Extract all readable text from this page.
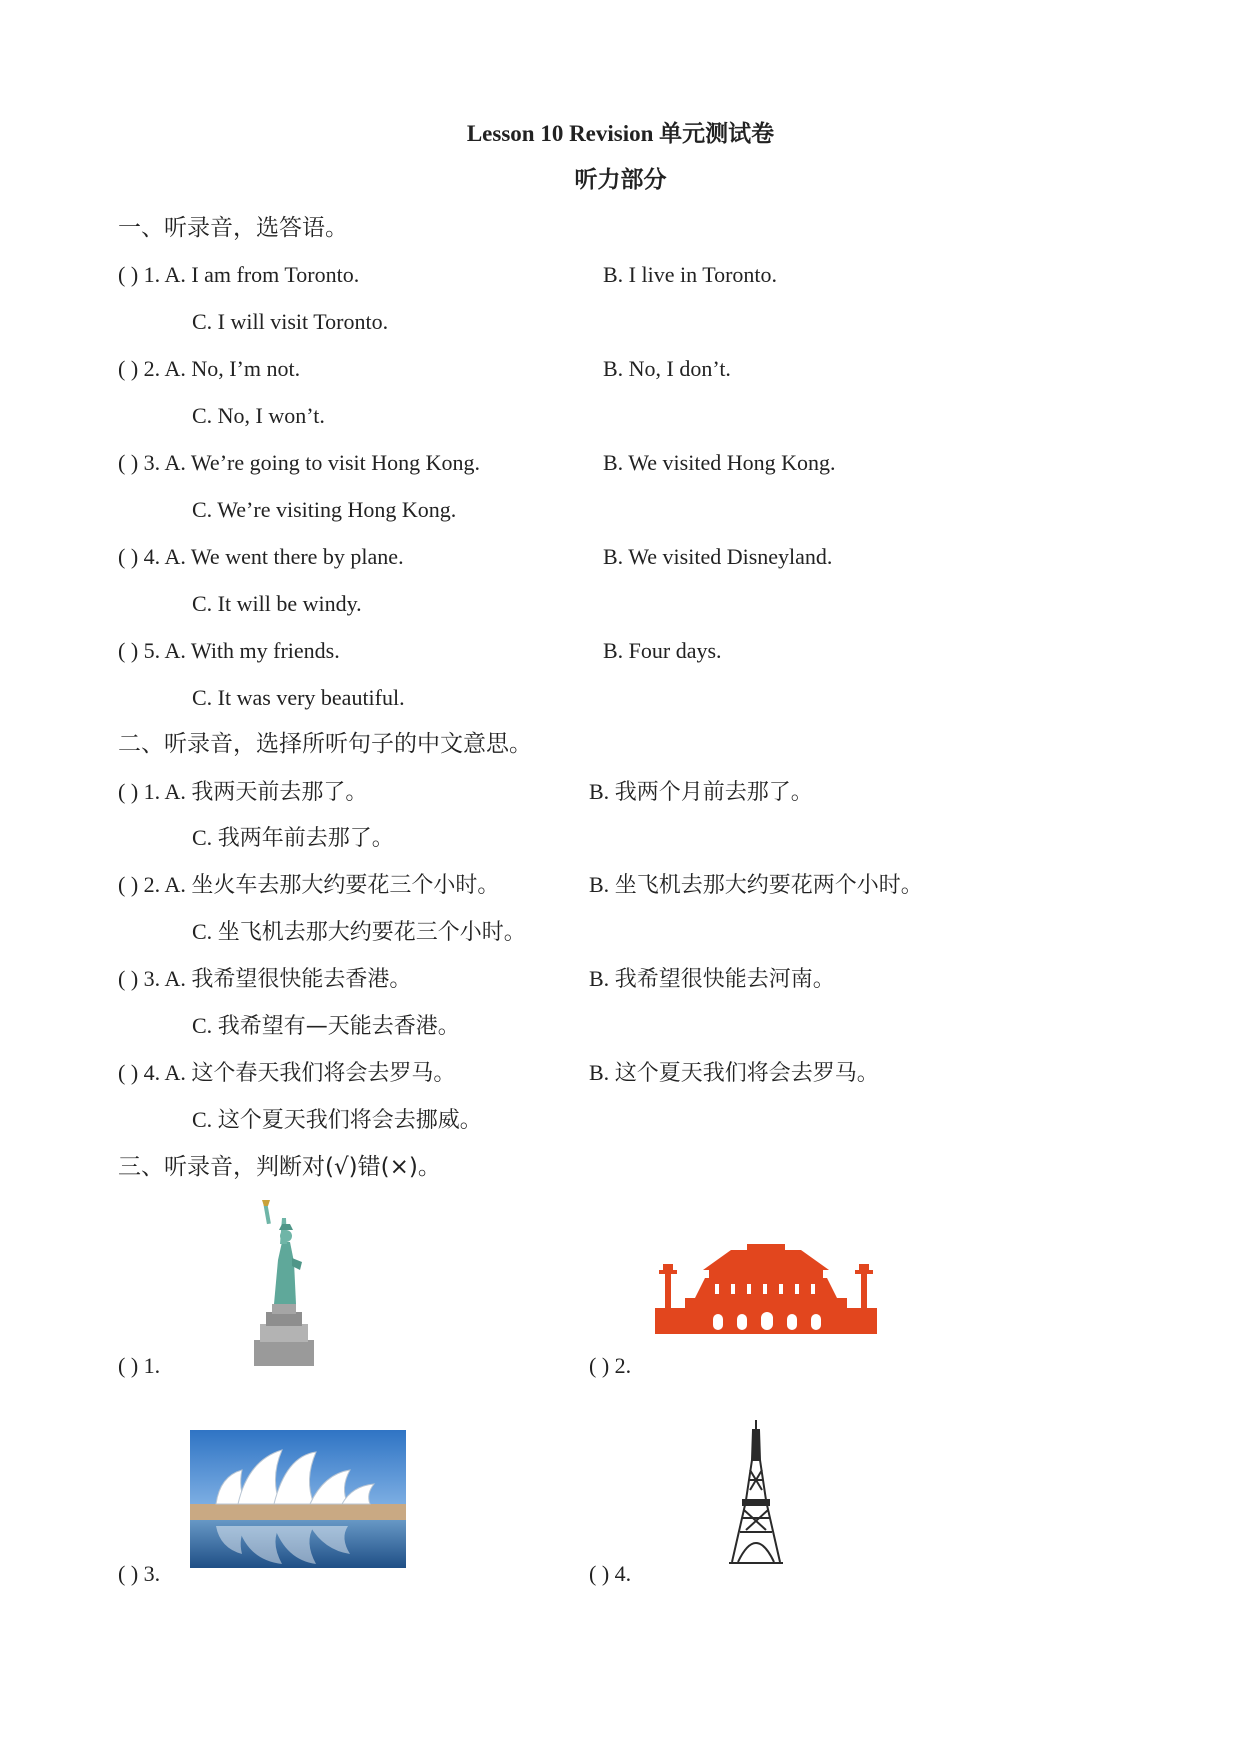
Lesson 10 Revision 单元测试卷
听力部分
一、听录音，选答语。
( ) 1. A. I am from Toronto.	B. I live in Toronto.
C. I will visit Toronto.
( ) 2. A. No, I’m not.	B. No, I don’t.
C. No, I won’t.
( ) 3. A. We’re going to visit Hong Kong.	B. We visited Hong Kong.
C. We’re visiting Hong Kong.
( ) 4. A. We went there by plane.	B. We visited Disneyland.
C. It will be windy.
( ) 5. A. With my friends.	B. Four days.
C. It was very beautiful.
二、听录音，选择所听句子的中文意思。
( ) 1. A. 我两天前去那了。	B. 我两个月前去那了。
C. 我两年前去那了。
( ) 2. A. 坐火车去那大约要花三个小时。	B. 坐飞机去那大约要花两个小时。
C. 坐飞机去那大约要花三个小时。
( ) 3. A. 我希望很快能去香港。	B. 我希望很快能去河南。
C. 我希望有—天能去香港。
( ) 4. A. 这个春天我们将会去罗马。	B. 这个夏天我们将会去罗马。
C. 这个夏天我们将会去挪威。
三、听录音，判断对(√)错(×)。
( ) 1.	( ) 2.
( ) 3.	( ) 4.
